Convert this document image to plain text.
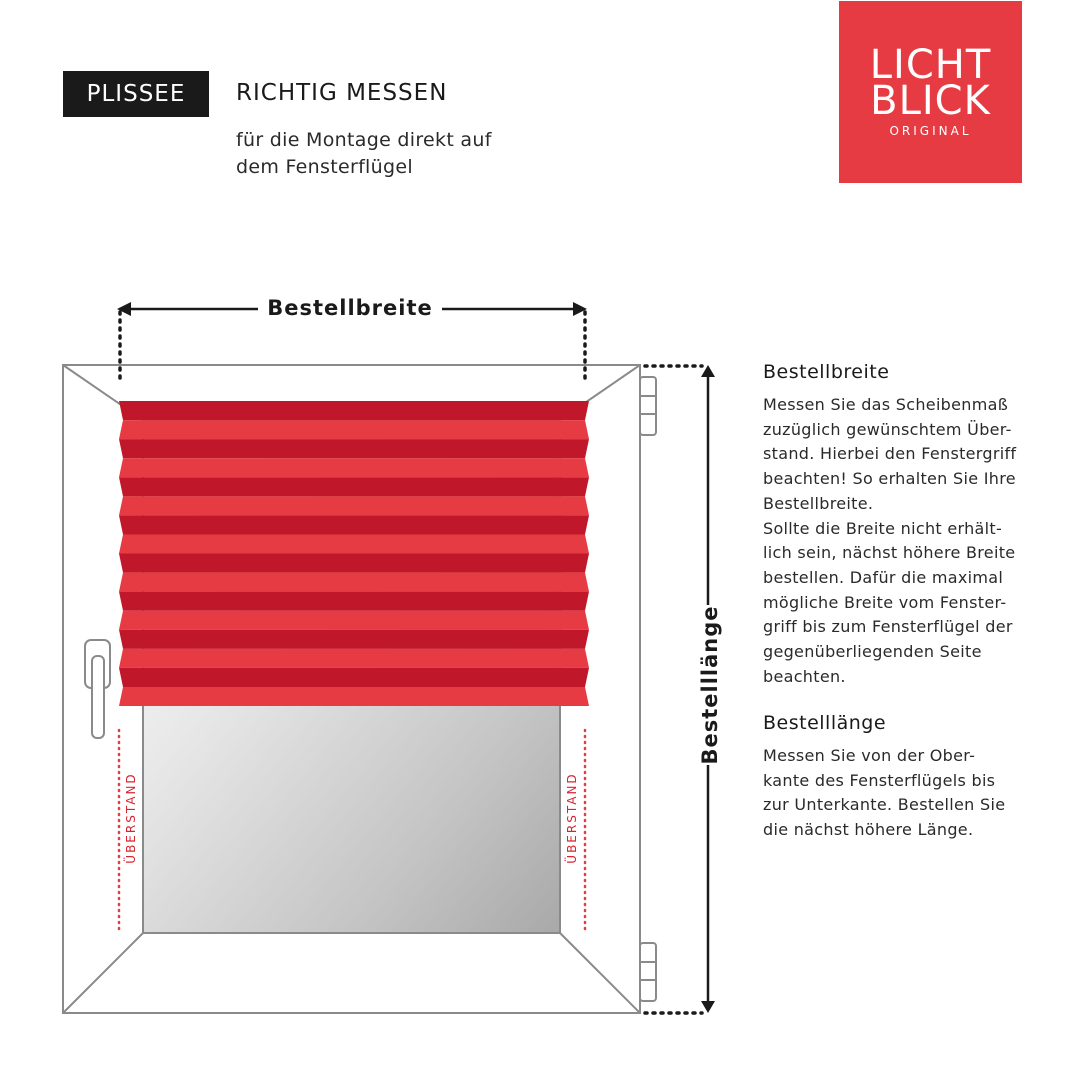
PLISSEE	RICHTIG MESSEN
für die Montage direkt auf
dem Fensterflügel
LICHT
BLICK
ORIGINAL
Bestellbreite
Bestelllänge
ÜBERSTAND	ÜBERSTAND
Bestellbreite

Messen Sie das Scheibenmaß
zuzüglich gewünschtem Über-
stand. Hierbei den Fenstergriff
beachten! So erhalten Sie Ihre
Bestellbreite.
Sollte die Breite nicht erhält-
lich sein, nächst höhere Breite
bestellen. Dafür die maximal
mögliche Breite vom Fenster-
griff bis zum Fensterflügel der
gegenüberliegenden Seite
beachten.

Bestelllänge

Messen Sie von der Ober-
kante des Fensterflügels bis
zur Unterkante. Bestellen Sie
die nächst höhere Länge.
